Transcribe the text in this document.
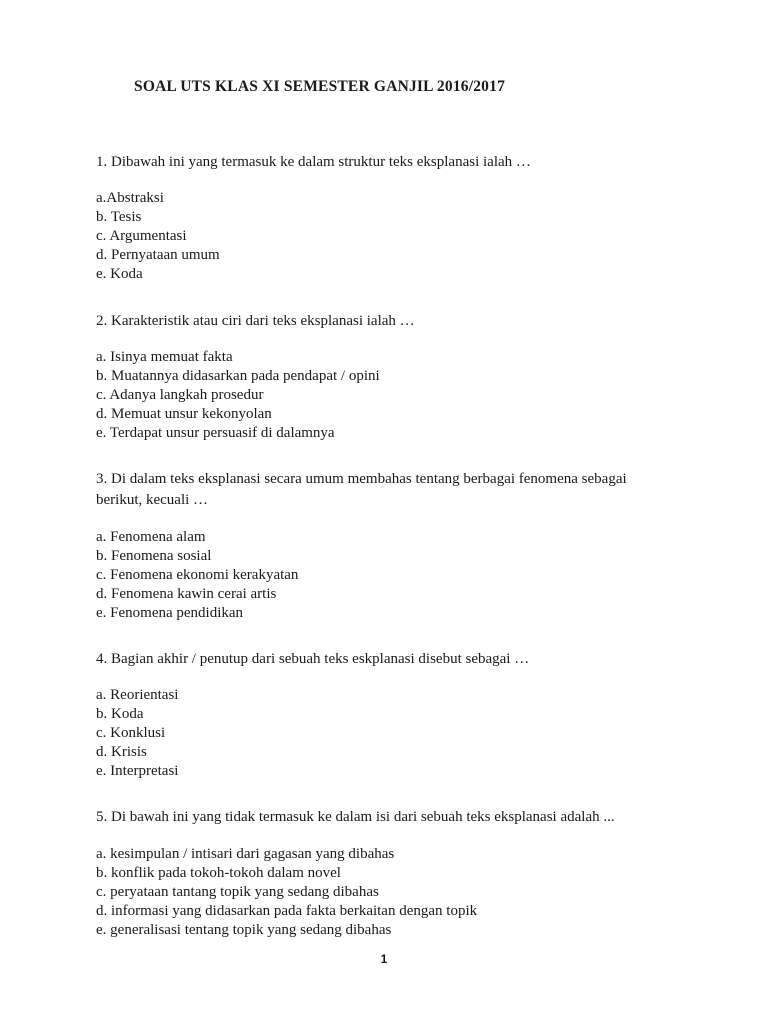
SOAL UTS KLAS XI SEMESTER GANJIL 2016/2017

1. Dibawah ini yang termasuk ke dalam struktur teks eksplanasi ialah …

a.Abstraksi
b. Tesis
c. Argumentasi
d. Pernyataan umum
e. Koda

2. Karakteristik atau ciri dari teks eksplanasi ialah …

a. Isinya memuat fakta
b. Muatannya didasarkan pada pendapat / opini
c. Adanya langkah prosedur
d. Memuat unsur kekonyolan
e. Terdapat unsur persuasif di dalamnya

3. Di dalam teks eksplanasi secara umum membahas tentang berbagai fenomena sebagai berikut, kecuali …

a. Fenomena alam
b. Fenomena sosial
c. Fenomena ekonomi kerakyatan
d. Fenomena kawin cerai artis
e. Fenomena pendidikan

4. Bagian akhir / penutup dari sebuah teks eskplanasi disebut sebagai …

a. Reorientasi
b. Koda
c. Konklusi
d. Krisis
e. Interpretasi

5. Di bawah ini yang tidak termasuk ke dalam isi dari sebuah teks eksplanasi adalah ...

a. kesimpulan / intisari dari gagasan yang dibahas
b. konflik pada tokoh-tokoh dalam novel
c. peryataan tantang topik yang sedang dibahas
d. informasi yang didasarkan pada fakta berkaitan dengan topik
e. generalisasi tentang topik yang sedang dibahas
1
